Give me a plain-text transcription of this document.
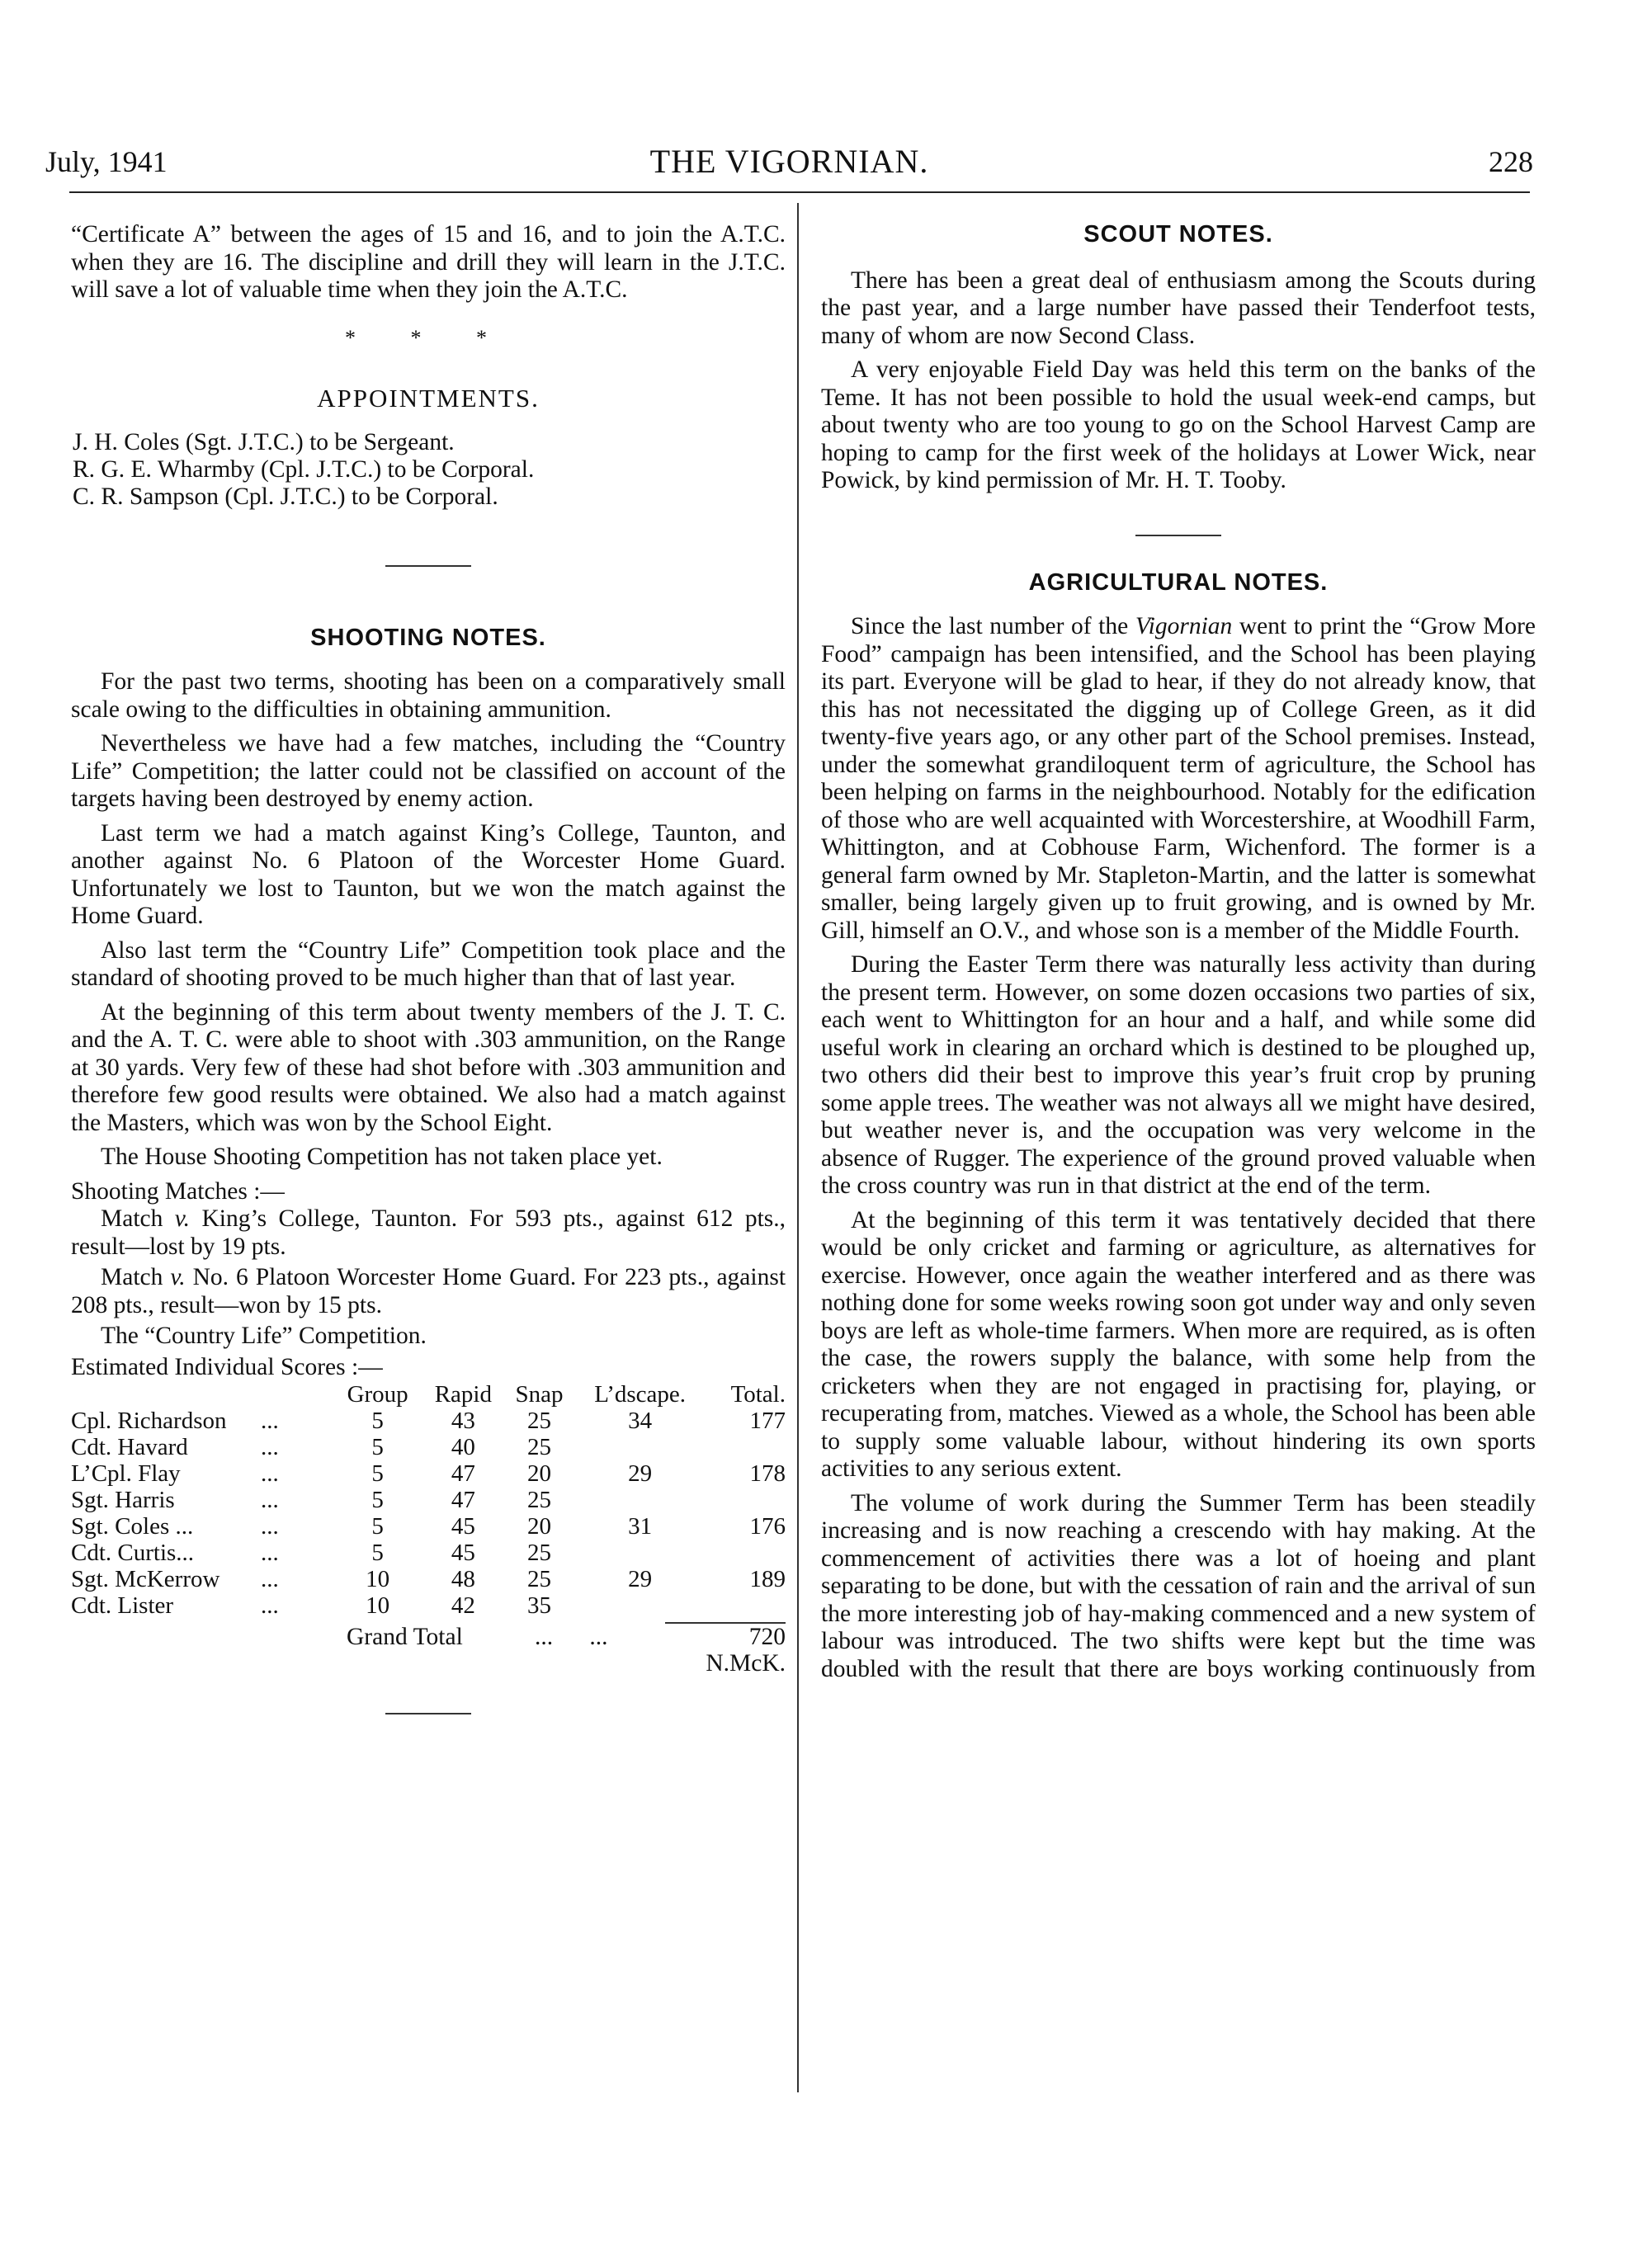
July, 1941	THE VIGORNIAN.	228

“Certificate A” between the ages of 15 and 16, and to join the A.T.C. when they are 16. The discipline and drill they will learn in the J.T.C. will save a lot of valuable time when they join the A.T.C.

* * *
APPOINTMENTS.
J. H. Coles (Sgt. J.T.C.) to be Sergeant.
R. G. E. Wharmby (Cpl. J.T.C.) to be Corporal.
C. R. Sampson (Cpl. J.T.C.) to be Corporal.
SHOOTING NOTES.

For the past two terms, shooting has been on a comparatively small scale owing to the difficulties in obtaining ammunition.

Nevertheless we have had a few matches, including the “Country Life” Competition; the latter could not be classified on account of the targets having been destroyed by enemy action.

Last term we had a match against King’s College, Taunton, and another against No. 6 Platoon of the Worcester Home Guard. Unfortunately we lost to Taunton, but we won the match against the Home Guard.

Also last term the “Country Life” Competition took place and the standard of shooting proved to be much higher than that of last year.

At the beginning of this term about twenty members of the J. T. C. and the A. T. C. were able to shoot with .303 ammunition, on the Range at 30 yards. Very few of these had shot before with .303 ammunition and therefore few good results were obtained. We also had a match against the Masters, which was won by the School Eight.

The House Shooting Competition has not taken place yet.

Shooting Matches :—

Match v. King’s College, Taunton. For 593 pts., against 612 pts., result—lost by 19 pts.

Match v. No. 6 Platoon Worcester Home Guard. For 223 pts., against 208 pts., result—won by 15 pts.

The “Country Life” Competition.

Estimated Individual Scores :—

	Group	Rapid	Snap	L’dscape.	Total.
Cpl. Richardson ...	5	43	25	34	177
Cdt. Havard ...	5	40	25		
L’Cpl. Flay ...	5	47	20	29	178
Sgt. Harris ...	5	47	25		
Sgt. Coles ... ...	5	45	20	31	176
Cdt. Curtis... ...	5	45	25		
Sgt. McKerrow ...	10	48	25	29	189
Cdt. Lister ...	10	42	35		
Grand Total	...      ...	720
N.McK.
SCOUT NOTES.

There has been a great deal of enthusiasm among the Scouts during the past year, and a large number have passed their Tenderfoot tests, many of whom are now Second Class.

A very enjoyable Field Day was held this term on the banks of the Teme. It has not been possible to hold the usual week-end camps, but about twenty who are too young to go on the School Harvest Camp are hoping to camp for the first week of the holidays at Lower Wick, near Powick, by kind permission of Mr. H. T. Tooby.

AGRICULTURAL NOTES.

Since the last number of the Vigornian went to print the “Grow More Food” campaign has been intensified, and the School has been playing its part. Everyone will be glad to hear, if they do not already know, that this has not necessitated the digging up of College Green, as it did twenty-five years ago, or any other part of the School premises. Instead, under the somewhat grandiloquent term of agriculture, the School has been helping on farms in the neighbourhood. Notably for the edification of those who are well acquainted with Worcestershire, at Woodhill Farm, Whittington, and at Cobhouse Farm, Wichenford. The former is a general farm owned by Mr. Stapleton-Martin, and the latter is somewhat smaller, being largely given up to fruit growing, and is owned by Mr. Gill, himself an O.V., and whose son is a member of the Middle Fourth.

During the Easter Term there was naturally less activity than during the present term. However, on some dozen occasions two parties of six, each went to Whittington for an hour and a half, and while some did useful work in clearing an orchard which is destined to be ploughed up, two others did their best to improve this year’s fruit crop by pruning some apple trees. The weather was not always all we might have desired, but weather never is, and the occupation was very welcome in the absence of Rugger. The experience of the ground proved valuable when the cross country was run in that district at the end of the term.

At the beginning of this term it was tentatively decided that there would be only cricket and farming or agriculture, as alternatives for exercise. However, once again the weather interfered and as there was nothing done for some weeks rowing soon got under way and only seven boys are left as whole-time farmers. When more are required, as is often the case, the rowers supply the balance, with some help from the cricketers when they are not engaged in practising for, playing, or recuperating from, matches. Viewed as a whole, the School has been able to supply some valuable labour, without hindering its own sports activities to any serious extent.

The volume of work during the Summer Term has been steadily increasing and is now reaching a crescendo with hay making. At the commencement of activities there was a lot of hoeing and plant separating to be done, but with the cessation of rain and the arrival of sun the more interesting job of hay-making commenced and a new system of labour was introduced. The two shifts were kept but the time was doubled with the result that there are boys working continuously from
